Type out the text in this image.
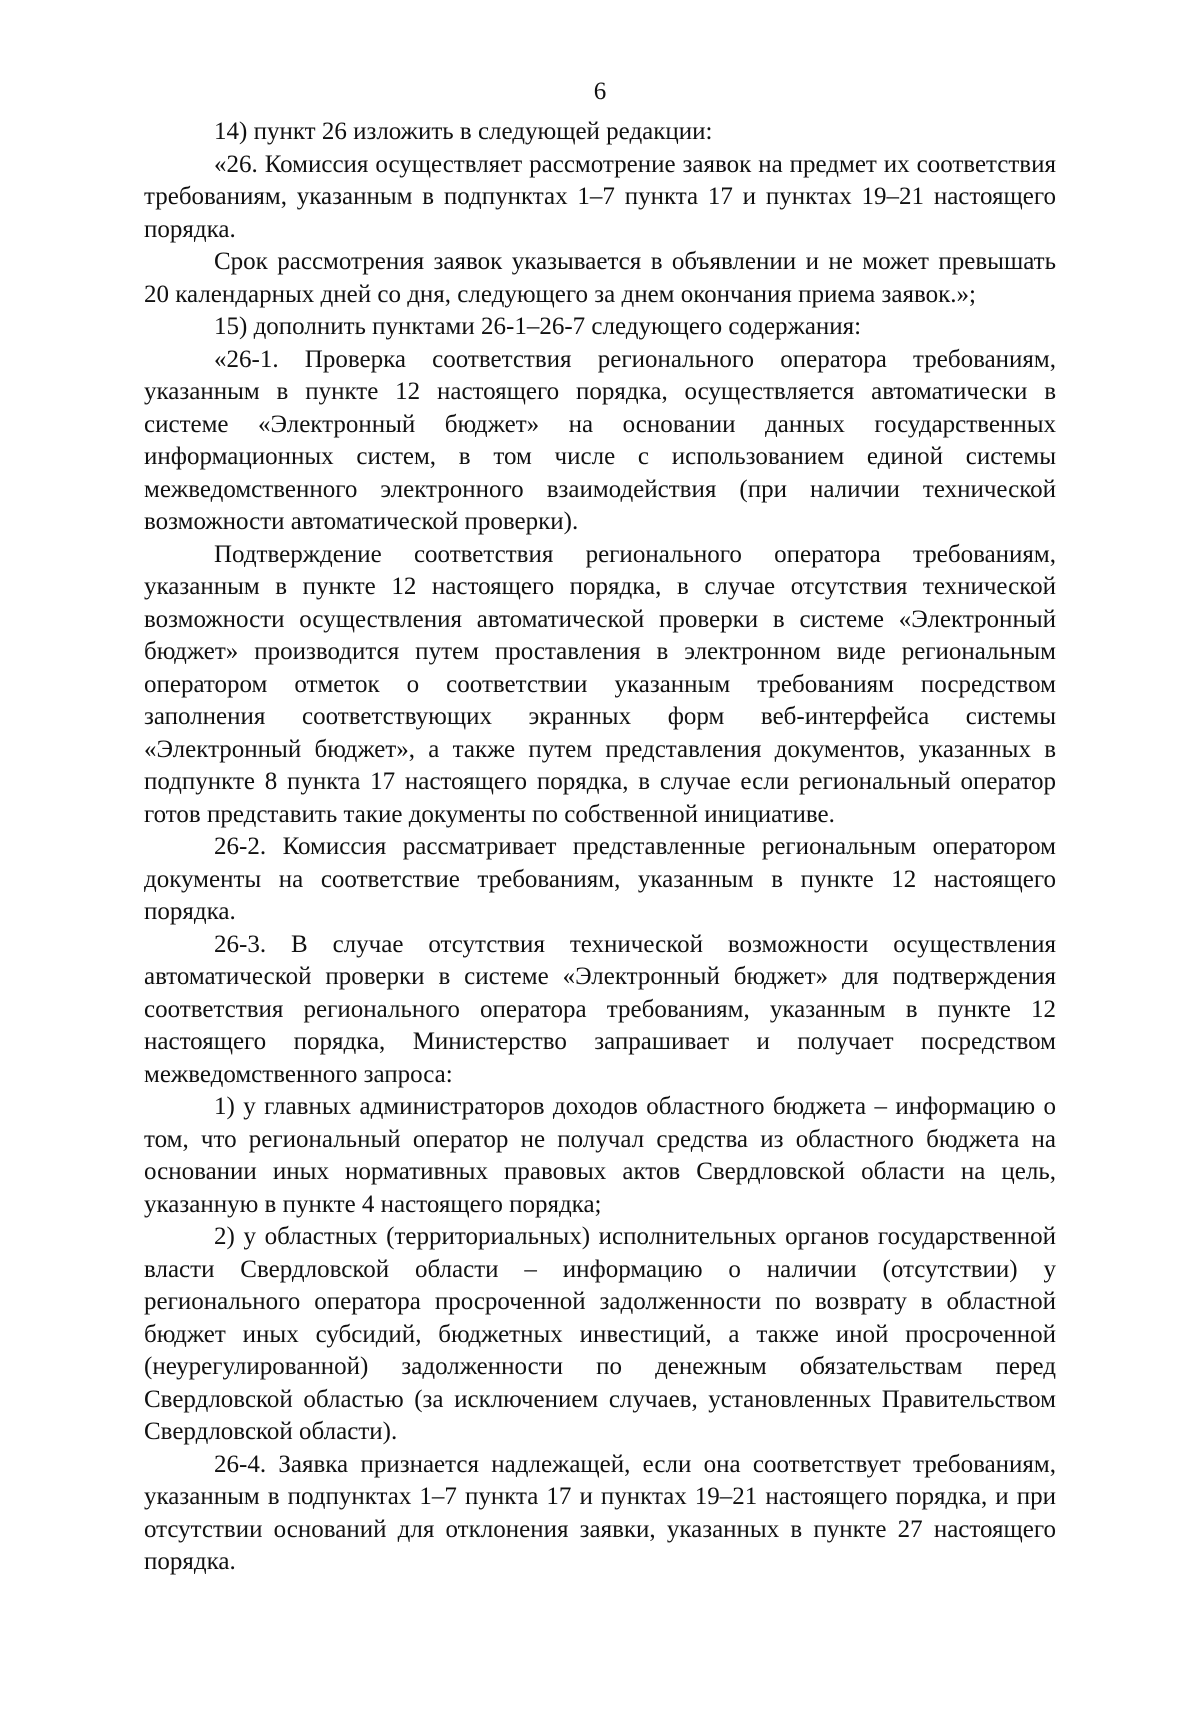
6

14) пункт 26 изложить в следующей редакции:

«26. Комиссия осуществляет рассмотрение заявок на предмет их соответствия требованиям, указанным в подпунктах 1–7 пункта 17 и пунктах 19–21 настоящего порядка.

Срок рассмотрения заявок указывается в объявлении и не может превышать 20 календарных дней со дня, следующего за днем окончания приема заявок.»;

15) дополнить пунктами 26-1–26-7 следующего содержания:

«26-1. Проверка соответствия регионального оператора требованиям, указанным в пункте 12 настоящего порядка, осуществляется автоматически в системе «Электронный бюджет» на основании данных государственных информационных систем, в том числе с использованием единой системы межведомственного электронного взаимодействия (при наличии технической возможности автоматической проверки).

Подтверждение соответствия регионального оператора требованиям, указанным в пункте 12 настоящего порядка, в случае отсутствия технической возможности осуществления автоматической проверки в системе «Электронный бюджет» производится путем проставления в электронном виде региональным оператором отметок о соответствии указанным требованиям посредством заполнения соответствующих экранных форм веб-интерфейса системы «Электронный бюджет», а также путем представления документов, указанных в подпункте 8 пункта 17 настоящего порядка, в случае если региональный оператор готов представить такие документы по собственной инициативе.

26-2. Комиссия рассматривает представленные региональным оператором документы на соответствие требованиям, указанным в пункте 12 настоящего порядка.

26-3. В случае отсутствия технической возможности осуществления автоматической проверки в системе «Электронный бюджет» для подтверждения соответствия регионального оператора требованиям, указанным в пункте 12 настоящего порядка, Министерство запрашивает и получает посредством межведомственного запроса:

1) у главных администраторов доходов областного бюджета – информацию о том, что региональный оператор не получал средства из областного бюджета на основании иных нормативных правовых актов Свердловской области на цель, указанную в пункте 4 настоящего порядка;

2) у областных (территориальных) исполнительных органов государственной власти Свердловской области – информацию о наличии (отсутствии) у регионального оператора просроченной задолженности по возврату в областной бюджет иных субсидий, бюджетных инвестиций, а также иной просроченной (неурегулированной) задолженности по денежным обязательствам перед Свердловской областью (за исключением случаев, установленных Правительством Свердловской области).

26-4. Заявка признается надлежащей, если она соответствует требованиям, указанным в подпунктах 1–7 пункта 17 и пунктах 19–21 настоящего порядка, и при отсутствии оснований для отклонения заявки, указанных в пункте 27 настоящего порядка.
